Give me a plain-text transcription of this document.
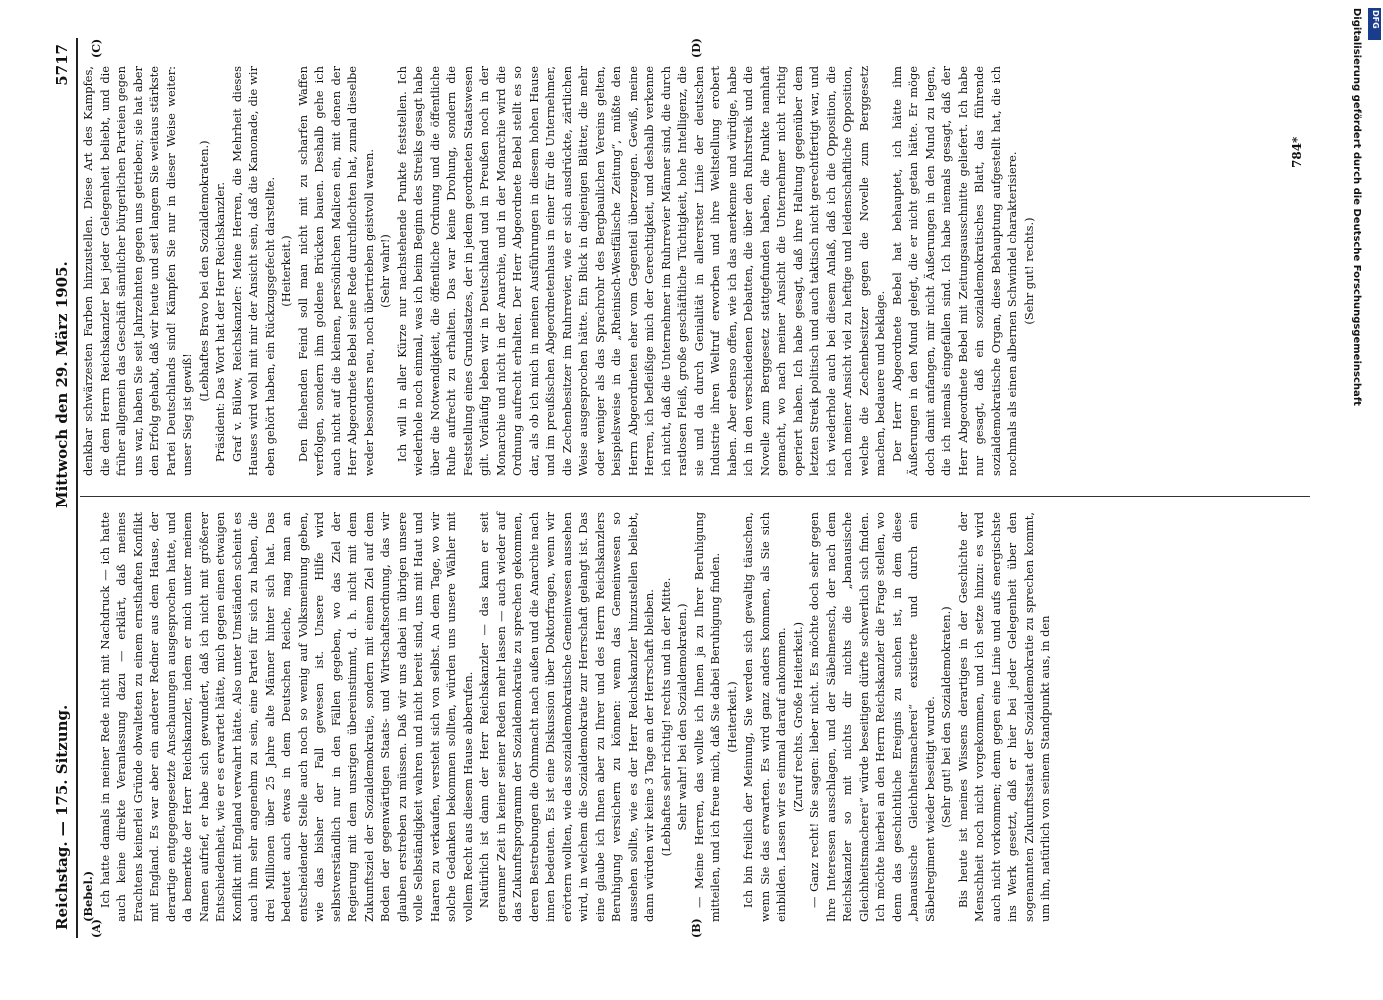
Reichstag. — 175. Sitzung.
Mittwoch den 29. März 1905.
5717

(Bebel.) Ich hatte damals in meiner Rede nicht mit Nachdruck — ich hatte auch keine direkte Veranlassung dazu — erklärt, daß meines Erachtens keinerlei Gründe obwalteten zu einem ernsthaften Konflikt mit England. Es war aber ein anderer Redner aus dem Hause, der derartige entgegengesetzte Anschauungen ausgesprochen hatte, und da bemerkte der Herr Reichskanzler, indem er mich unter meinem Namen aufrief, er habe sich gewundert, daß ich nicht mit größerer Entschiedenheit, wie er es erwartet hätte, mich gegen einen etwaigen Konflikt mit England verwahrt hätte. Also unter Umständen scheint es auch ihm sehr angenehm zu sein, eine Partei für sich zu haben, die drei Millionen über 25 Jahre alte Männer hinter sich hat. Das bedeutet auch etwas in dem Deutschen Reiche, mag man an entscheidender Stelle auch noch so wenig auf Volksmeinung geben, wie das bisher der Fall gewesen ist. Unsere Hilfe wird selbstverständlich nur in den Fällen gegeben, wo das Ziel der Regierung mit dem unsrigen übereinstimmt, d. h. nicht mit dem Zukunftsziel der Sozialdemokratie, sondern mit einem Ziel auf dem Boden der gegenwärtigen Staats- und Wirtschaftsordnung, das wir glauben erstreben zu müssen. Daß wir uns dabei im übrigen unsere volle Selbständigkeit wahren und nicht bereit sind, uns mit Haut und Haaren zu verkaufen, versteht sich von selbst. An dem Tage, wo wir solche Gedanken bekommen sollten, würden uns unsere Wähler mit vollem Recht aus diesem Hause abberufen. Natürlich ist dann der Herr Reichskanzler — das kann er seit geraumer Zeit in keiner seiner Reden mehr lassen — auch wieder auf das Zukunftsprogramm der Sozialdemokratie zu sprechen gekommen, deren Bestrebungen die Ohnmacht nach außen und die Anarchie nach innen bedeuten. Es ist eine Diskussion über Doktorfragen, wenn wir erörtern wollten, wie das sozialdemokratische Gemeinwesen aussehen wird, in welchem die Sozialdemokratie zur Herrschaft gelangt ist. Das eine glaube ich Ihnen aber zu Ihrer und des Herrn Reichskanzlers Beruhigung versichern zu können: wenn das Gemeinwesen so aussehen sollte, wie es der Herr Reichskanzler hinzustellen beliebt, dann würden wir keine 3 Tage an der Herrschaft bleiben. (Lebhaftes sehr richtig! rechts und in der Mitte. Sehr wahr! bei den Sozialdemokraten.) — Meine Herren, das wollte ich Ihnen ja zu Ihrer Beruhigung mitteilen, und ich freue mich, daß Sie dabei Beruhigung finden. (Heiterkeit.) Ich bin freilich der Meinung, Sie werden sich gewaltig täuschen, wenn Sie das erwarten. Es wird ganz anders kommen, als Sie sich einbilden. Lassen wir es einmal darauf ankommen. (Zuruf rechts. Große Heiterkeit.) — Ganz recht! Sie sagen: lieber nicht. Es möchte doch sehr gegen Ihre Interessen ausschlagen, und der Säbelmensch, der nach dem Reichskanzler so mit nichts dir nichts die „banausische Gleichheitsmacherei“ würde beseitigen dürfte schwerlich sich finden. Ich möchte hierbei an den Herrn Reichskanzler die Frage stellen, wo denn das geschichtliche Ereignis zu suchen ist, in dem diese „banausische Gleichheitsmacherei“ existierte und durch ein Säbelregiment wieder beseitigt wurde. (Sehr gut! bei den Sozialdemokraten.) Bis heute ist meines Wissens derartiges in der Geschichte der Menschheit noch nicht vorgekommen, und ich setze hinzu: es wird auch nicht vorkommen; denn gegen eine Linie und aufs energischste ins Werk gesetzt, daß er hier bei jeder Gelegenheit über den sogenannten Zukunftsstaat der Sozialdemokratie zu sprechen kommt, um ihn, natürlich von seinem Standpunkt aus, in den

denkbar schwärzesten Farben hinzustellen. Diese Art des Kampfes, die dem Herrn Reichskanzler bei jeder Gelegenheit beliebt, und die früher allgemein das Geschäft sämtlicher bürgerlichen Parteien gegen uns war, haben Sie seit Jahrzehnten gegen uns getrieben; sie hat aber den Erfolg gehabt, daß wir heute und seit langem Sie weitaus stärkste Partei Deutschlands sind! Kämpfen Sie nur in dieser Weise weiter: unser Sieg ist gewiß!

(Lebhaftes Bravo bei den Sozialdemokraten.) Präsident: Das Wort hat der Herr Reichskanzler. Graf v. Bülow, Reichskanzler: Meine Herren, die Mehrheit dieses Hauses wird wohl mit mir der Ansicht sein, daß die Kanonade, die wir eben gehört haben, ein Rückzugsgefecht darstellte. (Heiterkeit.) Den fliehenden Feind soll man nicht mit zu scharfen Waffen verfolgen, sondern ihm goldene Brücken bauen. Deshalb gehe ich auch nicht auf die kleinen, persönlichen Malicen ein, mit denen der Herr Abgeordnete Bebel seine Rede durchflochten hat, zumal dieselbe weder besonders neu, noch übertrieben geistvoll waren. (Sehr wahr!) Ich will in aller Kürze nur nachstehende Punkte feststellen. Ich wiederhole noch einmal, was ich beim Beginn des Streiks gesagt habe über die Notwendigkeit, die öffentliche Ordnung und die öffentliche Ruhe aufrecht zu erhalten. Das war keine Drohung, sondern die Feststellung eines Grundsatzes, der in jedem geordneten Staatswesen gilt. Vorläufig leben wir in Deutschland und in Preußen noch in der Monarchie und nicht in der Anarchie, und in der Monarchie wird die Ordnung aufrecht erhalten. Der Herr Abgeordnete Bebel stellt es so dar, als ob ich mich in meinen Ausführungen in diesem hohen Hause und im preußischen Abgeordnetenhaus in einer für die Unternehmer, die Zechenbesitzer im Ruhrrevier, wie er sich ausdrückte, zärtlichen Weise ausgesprochen hätte. Ein Blick in diejenigen Blätter, die mehr oder weniger als das Sprachrohr des Bergbaulichen Vereins gelten, beispielsweise in die „Rheinisch-Westfälische Zeitung“, müßte den Herrn Abgeordneten eher vom Gegenteil überzeugen. Gewiß, meine Herren, ich befleißige mich der Gerechtigkeit, und deshalb verkenne ich nicht, daß die Unternehmer im Ruhrrevier Männer sind, die durch rastlosen Fleiß, große geschäftliche Tüchtigkeit, hohe Intelligenz, die sie und da durch Genialität in allererster Linie der deutschen Industrie ihren Weltruf erworben und ihre Weltstellung erobert haben. Aber ebenso offen, wie ich das anerkenne und würdige, habe ich in den verschiedenen Debatten, die über den Ruhrstreik und die Novelle zum Berggesetz stattgefunden haben, die Punkte namhaft gemacht, wo nach meiner Ansicht die Unternehmer nicht richtig operiert haben. Ich habe gesagt, daß ihre Haltung gegenüber dem letzten Streik politisch und auch taktisch nicht gerechtfertigt war, und ich wiederhole auch bei diesem Anlaß, daß ich die Opposition, die nach meiner Ansicht viel zu heftige und leidenschaftliche Opposition, welche die Zechenbesitzer gegen die Novelle zum Berggesetz machen, bedauere und beklage. Der Herr Abgeordnete Bebel hat behauptet, ich hätte ihm Äußerungen in den Mund gelegt, die er nicht getan hätte. Er möge doch damit anfangen, mir nicht Äußerungen in den Mund zu legen, die ich niemals eingefallen sind. Ich habe niemals gesagt, daß der Herr Abgeordnete Bebel mit Zeitungsausschnitte geliefert. Ich habe nur gesagt, daß ein sozialdemokratisches Blatt, das führende sozialdemokratische Organ, diese Behauptung aufgestellt hat, die ich nochmals als einen albernen Schwindel charakterisiere. (Sehr gut! rechts.)

(A)	(B)
(C)	(D)
784*	Digitalisierung gefördert durch die Deutsche Forschungsgemeinschaft DFG
